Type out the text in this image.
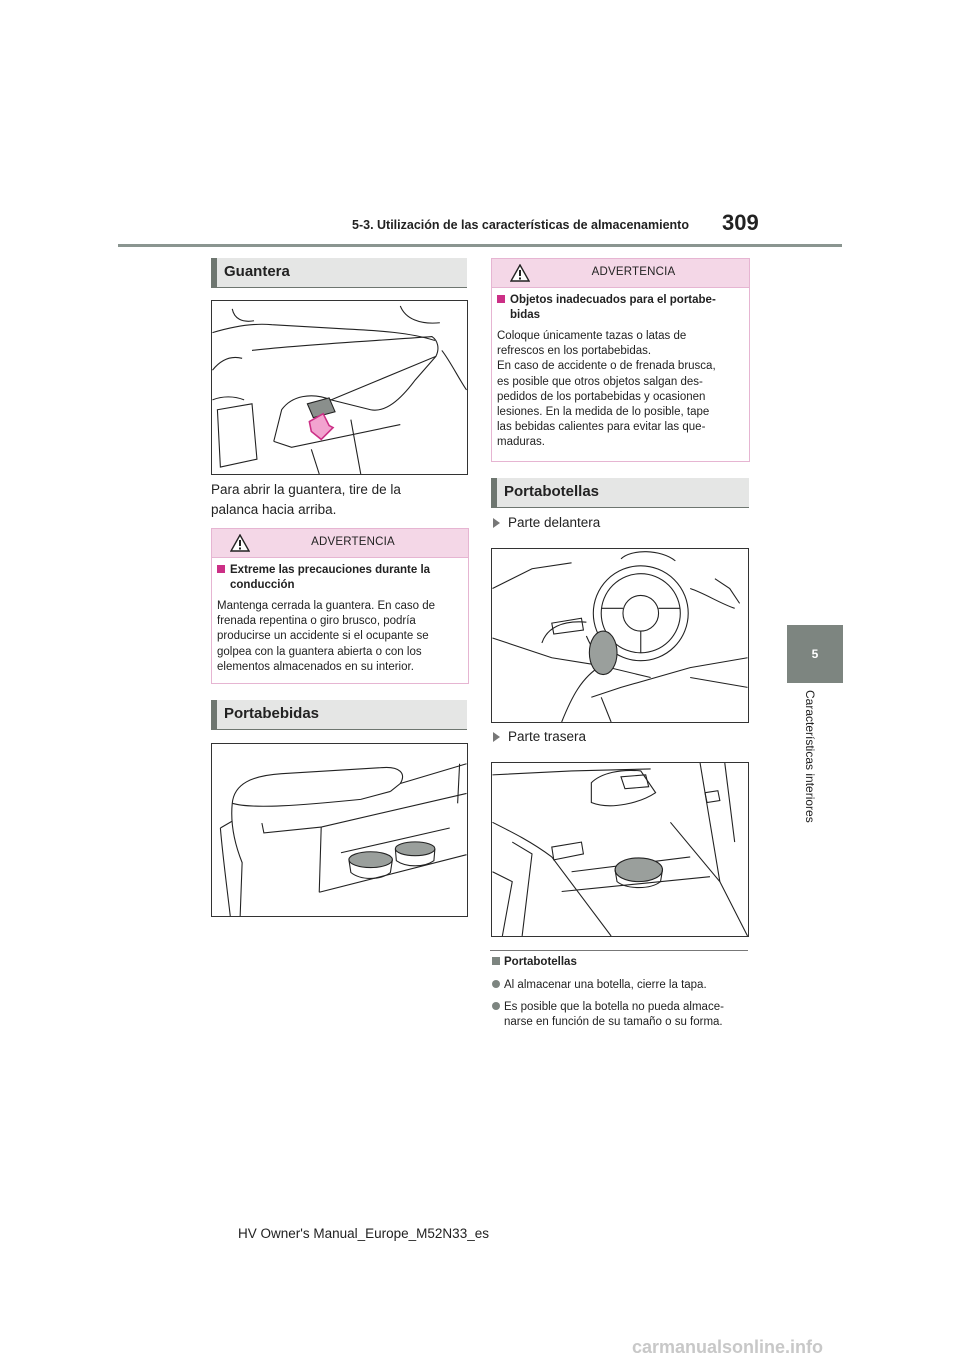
5-3. Utilización de las características de almacenamiento 309
5
Características interiores
Guantera
Para abrir la guantera, tire de la
palanca hacia arriba.
ADVERTENCIA
Extreme las precauciones durante la
conducción
Mantenga cerrada la guantera. En caso de
frenada repentina o giro brusco, podría
producirse un accidente si el ocupante se
golpea con la guantera abierta o con los
elementos almacenados en su interior.
Portabebidas
ADVERTENCIA
Objetos inadecuados para el portabe-
bidas
Coloque únicamente tazas o latas de
refrescos en los portabebidas.
En caso de accidente o de frenada brusca,
es posible que otros objetos salgan des-
pedidos de los portabebidas y ocasionen
lesiones. En la medida de lo posible, tape
las bebidas calientes para evitar las que-
maduras.
Portabotellas
Parte delantera
Parte trasera
Portabotellas
Al almacenar una botella, cierre la tapa.
Es posible que la botella no pueda almace-
narse en función de su tamaño o su forma.
HV Owner's Manual_Europe_M52N33_es
carmanualsonline.info
